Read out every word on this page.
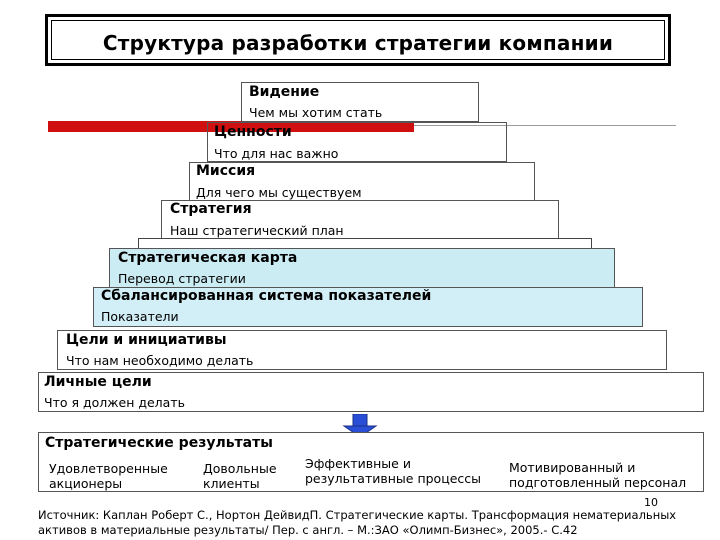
Структура разработки стратегии компании
Видение
Чем мы хотим стать
Ценности
Что для нас важно
Миссия
Для чего мы существуем
Стратегия
Наш стратегический план
Стратегическая карта
Перевод стратегии
Сбалансированная система показателей
Показатели
Цели и инициативы
Что нам необходимо делать
Личные цели
Что я должен делать
Стратегические результаты
Удовлетворенные
акционеры
Довольные
клиенты
Эффективные и
результативные процессы
Мотивированный и
подготовленный персонал
10
Источник: Каплан Роберт С., Нортон ДейвидП. Стратегические карты. Трансформация нематериальных активов в материальные результаты/ Пер. с англ. – М.:ЗАО «Олимп-Бизнес», 2005.- С.42
